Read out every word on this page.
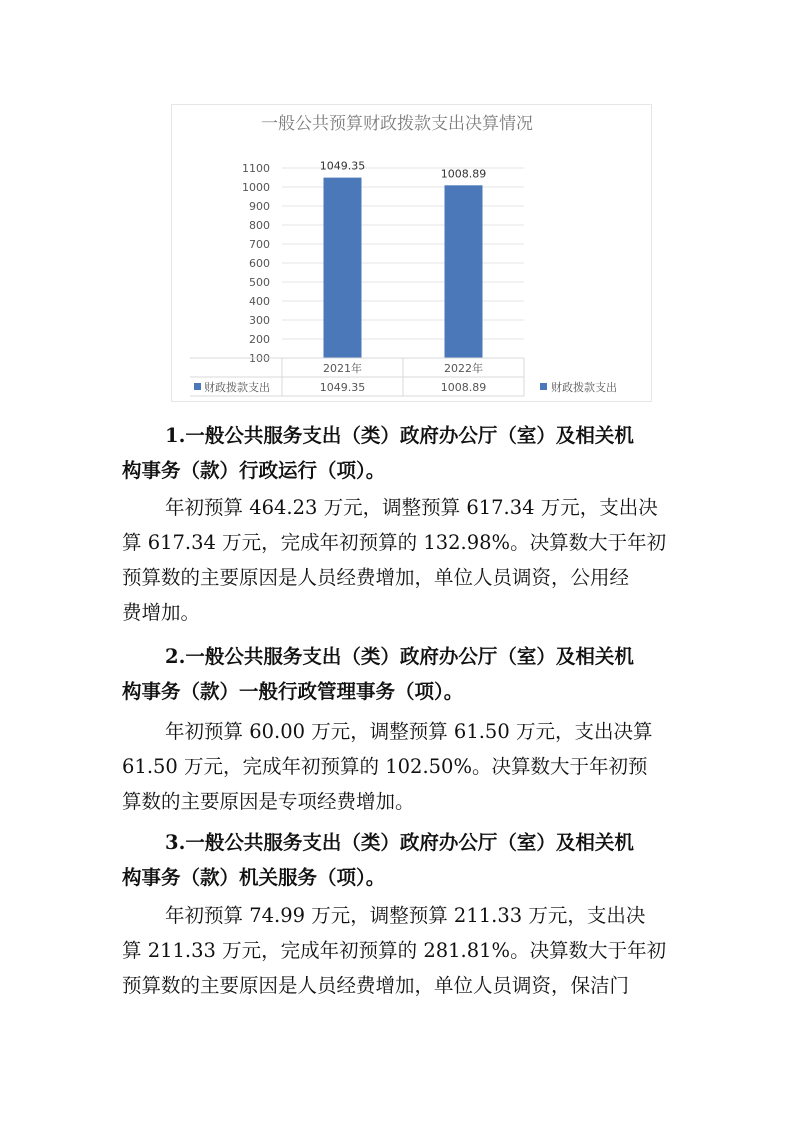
一般公共预算财政拨款支出决算情况
100
200
300
400
500
600
700
800
900
1000
1100	1049.35
1008.89
2021年
1049.35
2022年
1008.89
财政拨款支出	财政拨款支出
1.一般公共服务支出（类）政府办公厅（室）及相关机
构事务（款）行政运行（项）。
年初预算 464.23 万元，调整预算 617.34 万元，支出决
算 617.34 万元，完成年初预算的 132.98%。决算数大于年初
预算数的主要原因是人员经费增加，单位人员调资，公用经
费增加。
2.一般公共服务支出（类）政府办公厅（室）及相关机
构事务（款）一般行政管理事务（项）。
年初预算 60.00 万元，调整预算 61.50 万元，支出决算
61.50 万元，完成年初预算的 102.50%。决算数大于年初预
算数的主要原因是专项经费增加。
3.一般公共服务支出（类）政府办公厅（室）及相关机
构事务（款）机关服务（项）。
年初预算 74.99 万元，调整预算 211.33 万元，支出决
算 211.33 万元，完成年初预算的 281.81%。决算数大于年初
预算数的主要原因是人员经费增加，单位人员调资，保洁门
